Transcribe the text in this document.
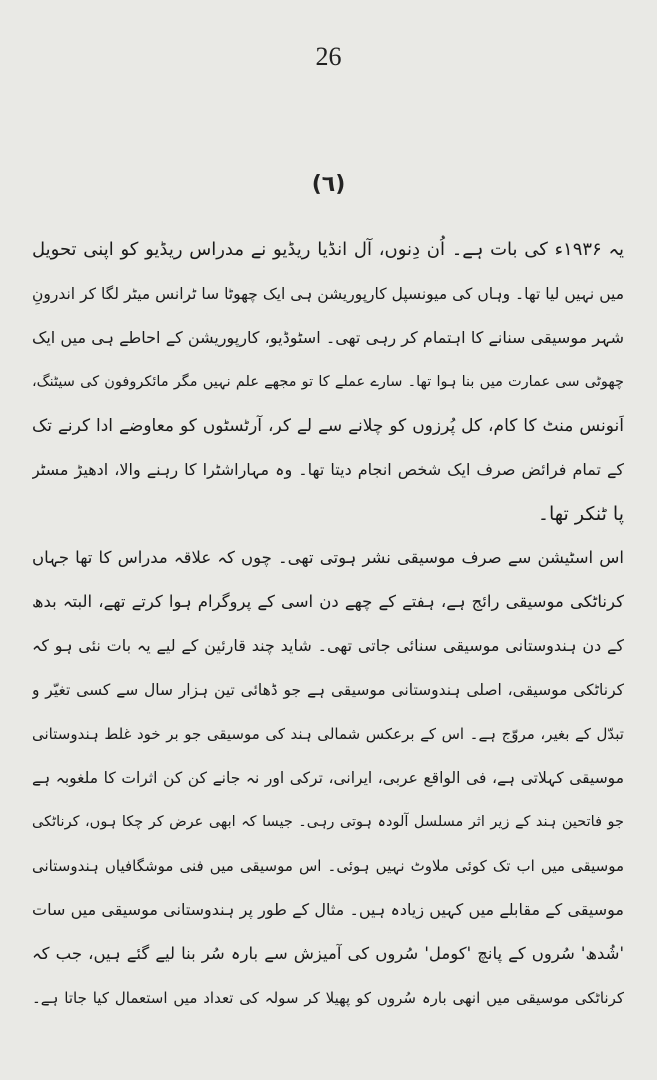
26
(٦)
یہ ۱۹۳۶ء کی بات ہے۔ اُن دِنوں، آل انڈیا ریڈیو نے مدراس ریڈیو کو اپنی تحویل
میں نہیں لیا تھا۔ وہاں کی میونسپل کارپوریشن ہی ایک چھوٹا سا ٹرانس میٹر لگا کر اندرونِ
شہر موسیقی سنانے کا اہتمام کر رہی تھی۔ اسٹوڈیو، کارپوریشن کے احاطے ہی میں ایک
چھوٹی سی عمارت میں بنا ہوا تھا۔ سارے عملے کا تو مجھے علم نہیں مگر مائکروفون کی سیٹنگ،
اَنونس منٹ کا کام، کل پُرزوں کو چلانے سے لے کر، آرٹسٹوں کو معاوضے ادا کرنے تک
کے تمام فرائض صرف ایک شخص انجام دیتا تھا۔ وہ مہاراشٹرا کا رہنے والا، ادھیڑ مسٹر
پا ٹنکر تھا۔
اس اسٹیشن سے صرف موسیقی نشر ہوتی تھی۔ چوں کہ علاقہ مدراس کا تھا جہاں
کرناٹکی موسیقی رائج ہے، ہفتے کے چھے دن اسی کے پروگرام ہوا کرتے تھے، البتہ بدھ
کے دن ہندوستانی موسیقی سنائی جاتی تھی۔ شاید چند قارئین کے لیے یہ بات نئی ہو کہ
کرناٹکی موسیقی، اصلی ہندوستانی موسیقی ہے جو ڈھائی تین ہزار سال سے کسی تغیّر و
تبدّل کے بغیر، مروّج ہے۔ اس کے برعکس شمالی ہند کی موسیقی جو بر خود غلط ہندوستانی
موسیقی کہلاتی ہے، فی الواقع عربی، ایرانی، ترکی اور نہ جانے کن کن اثرات کا ملغوبہ ہے
جو فاتحین ہند کے زیر اثر مسلسل آلودہ ہوتی رہی۔ جیسا کہ ابھی عرض کر چکا ہوں، کرناٹکی
موسیقی میں اب تک کوئی ملاوٹ نہیں ہوئی۔ اس موسیقی میں فنی موشگافیاں ہندوستانی
موسیقی کے مقابلے میں کہیں زیادہ ہیں۔ مثال کے طور پر ہندوستانی موسیقی میں سات
'شُدھ' سُروں کے پانچ 'کومل' سُروں کی آمیزش سے بارہ سُر بنا لیے گئے ہیں، جب کہ
کرناٹکی موسیقی میں انھی بارہ سُروں کو پھیلا کر سولہ کی تعداد میں استعمال کیا جاتا ہے۔
